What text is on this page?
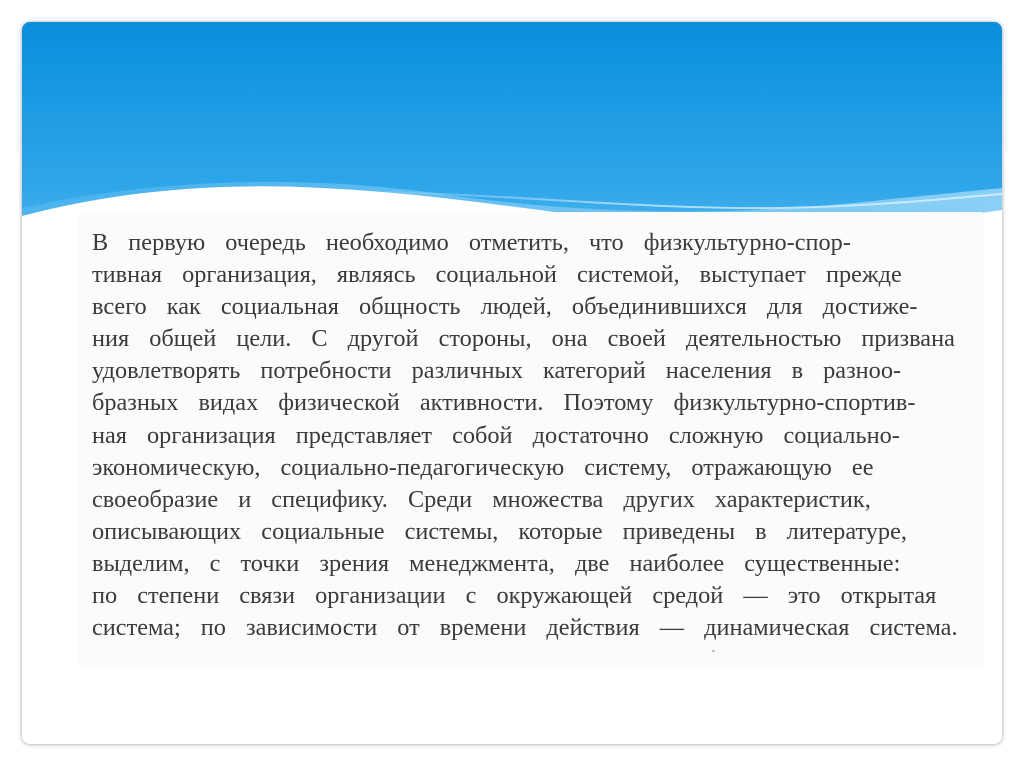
В первую очередь необходимо отметить, что физкультурно-спор-
тивная организация, являясь социальной системой, выступает прежде
всего как социальная общность людей, объединившихся для достиже-
ния общей цели. С другой стороны, она своей деятельностью призвана
удовлетворять потребности различных категорий населения в разноо-
бразных видах физической активности. Поэтому физкультурно-спортив-
ная организация представляет собой достаточно сложную социально-
экономическую, социально-педагогическую систему, отражающую ее
своеобразие и специфику. Среди множества других характеристик,
описывающих социальные системы, которые приведены в литературе,
выделим, с точки зрения менеджмента, две наиболее существенные:
по степени связи организации с окружающей средой — это открытая
система; по зависимости от времени действия — динамическая система.
